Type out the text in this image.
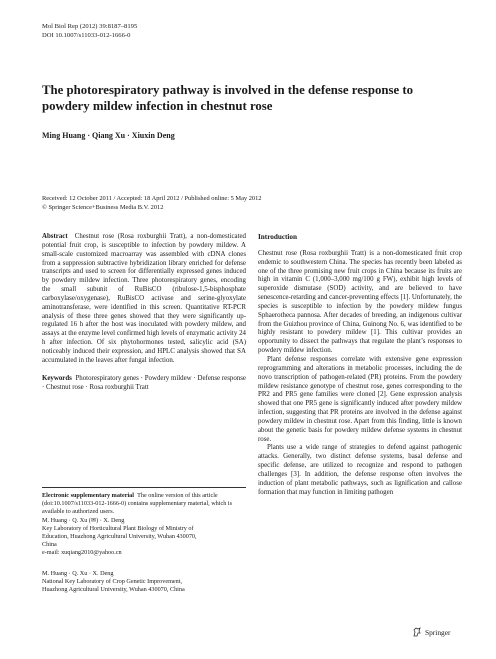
Mol Biol Rep (2012) 39:8187–8195
DOI 10.1007/s11033-012-1666-0
The photorespiratory pathway is involved in the defense response to powdery mildew infection in chestnut rose
Ming Huang · Qiang Xu · Xiuxin Deng
Received: 12 October 2011 / Accepted: 18 April 2012 / Published online: 5 May 2012
© Springer Science+Business Media B.V. 2012

Abstract Chestnut rose (Rosa roxburghii Tratt), a non-domesticated potential fruit crop, is susceptible to infection by powdery mildew. A small-scale customized macroarray was assembled with cDNA clones from a suppression subtractive hybridization library enriched for defense transcripts and used to screen for differentially expressed genes induced by powdery mildew infection. Three photorespiratory genes, encoding the small subunit of RuBisCO (ribulose-1,5-bisphosphate carboxylase/oxygenase), RuBisCO activase and serine-glyoxylate aminotransferase, were identified in this screen. Quantitative RT-PCR analysis of these three genes showed that they were significantly up-regulated 16 h after the host was inoculated with powdery mildew, and assays at the enzyme level confirmed high levels of enzymatic activity 24 h after infection. Of six phytohormones tested, salicylic acid (SA) noticeably induced their expression, and HPLC analysis showed that SA accumulated in the leaves after fungal infection.

Keywords Photorespiratory genes · Powdery mildew · Defense response · Chestnut rose · Rosa roxburghii Tratt

Electronic supplementary material The online version of this article (doi:10.1007/s11033-012-1666-0) contains supplementary material, which is available to authorized users.

M. Huang · Q. Xu (✉) · X. Deng

Key Laboratory of Horticultural Plant Biology of Ministry of

Education, Huazhong Agricultural University, Wuhan 430070,

China

e-mail: xuqiang2010@yahoo.cn

M. Huang · Q. Xu · X. Deng

National Key Laboratory of Crop Genetic Improvement,

Huazhong Agricultural University, Wuhan 430070, China

Introduction

Chestnut rose (Rosa roxburghii Tratt) is a non-domesticated fruit crop endemic to southwestern China. The species has recently been labeled as one of the three promising new fruit crops in China because its fruits are high in vitamin C (1,000–3,000 mg/100 g FW), exhibit high levels of superoxide dismutase (SOD) activity, and are believed to have senescence-retarding and cancer-preventing effects [1]. Unfortunately, the species is susceptible to infection by the powdery mildew fungus Sphaerotheca pannosa. After decades of breeding, an indigenous cultivar from the Guizhou province of China, Guinong No. 6, was identified to be highly resistant to powdery mildew [1]. This cultivar provides an opportunity to dissect the pathways that regulate the plant’s responses to powdery mildew infection.

Plant defense responses correlate with extensive gene expression reprogramming and alterations in metabolic processes, including the de novo transcription of pathogen-related (PR) proteins. From the powdery mildew resistance genotype of chestnut rose, genes corresponding to the PR2 and PR5 gene families were cloned [2]. Gene expression analysis showed that one PR5 gene is significantly induced after powdery mildew infection, suggesting that PR proteins are involved in the defense against powdery mildew in chestnut rose. Apart from this finding, little is known about the genetic basis for powdery mildew defense systems in chestnut rose.

Plants use a wide range of strategies to defend against pathogenic attacks. Generally, two distinct defense systems, basal defense and specific defense, are utilized to recognize and respond to pathogen challenges [3]. In addition, the defense response often involves the induction of plant metabolic pathways, such as lignification and callose formation that may function in limiting pathogen

Springer
